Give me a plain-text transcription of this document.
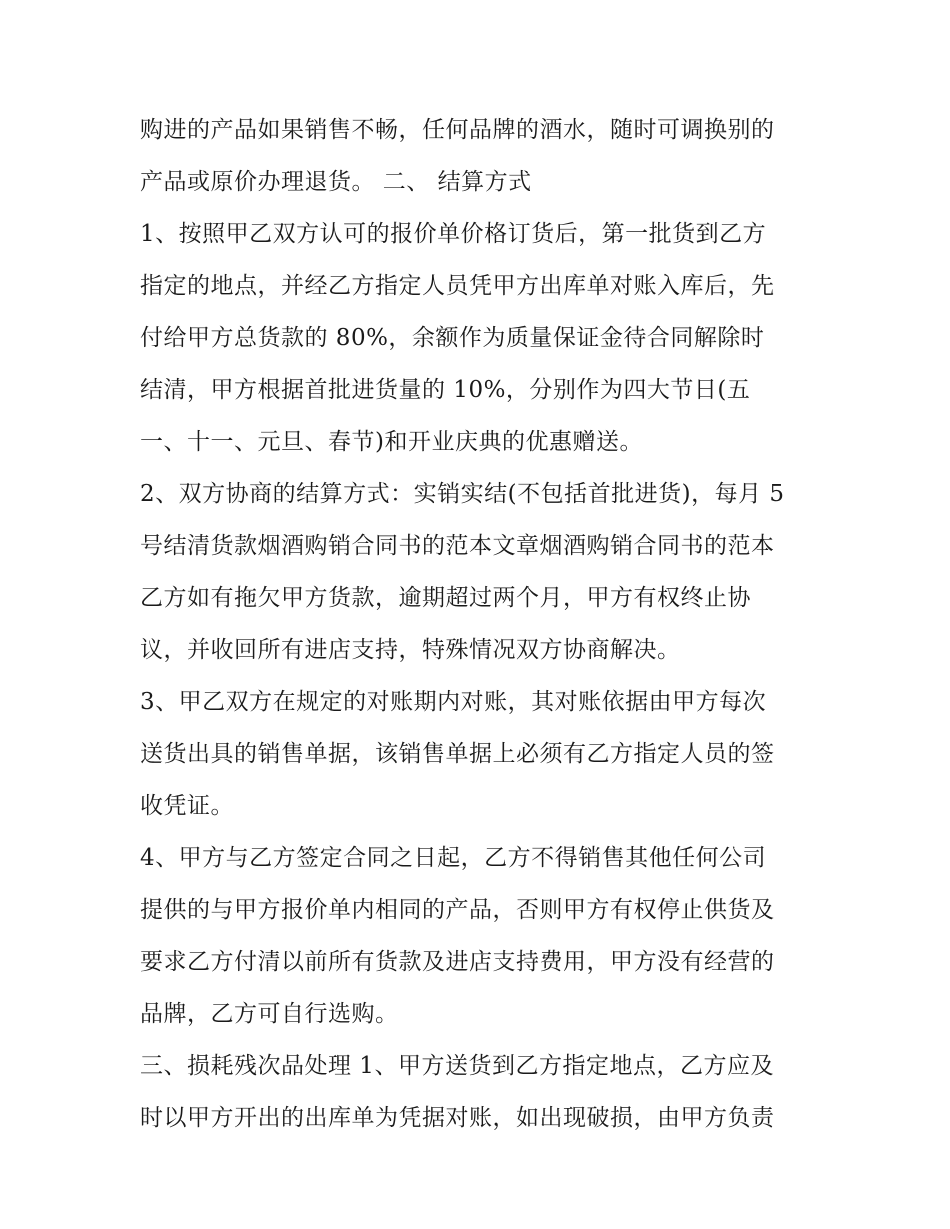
购进的产品如果销售不畅，任何品牌的酒水，随时可调换别的
产品或原价办理退货。 二、 结算方式
1、按照甲乙双方认可的报价单价格订货后，第一批货到乙方
指定的地点，并经乙方指定人员凭甲方出库单对账入库后，先
付给甲方总货款的 80%，余额作为质量保证金待合同解除时
结清，甲方根据首批进货量的 10%，分别作为四大节日(五
一、十一、元旦、春节)和开业庆典的优惠赠送。
2、双方协商的结算方式：实销实结(不包括首批进货)，每月 5
号结清货款烟酒购销合同书的范本文章烟酒购销合同书的范本
乙方如有拖欠甲方货款，逾期超过两个月，甲方有权终止协
议，并收回所有进店支持，特殊情况双方协商解决。
3、甲乙双方在规定的对账期内对账，其对账依据由甲方每次
送货出具的销售单据，该销售单据上必须有乙方指定人员的签
收凭证。
4、甲方与乙方签定合同之日起，乙方不得销售其他任何公司
提供的与甲方报价单内相同的产品，否则甲方有权停止供货及
要求乙方付清以前所有货款及进店支持费用，甲方没有经营的
品牌，乙方可自行选购。
三、损耗残次品处理 1、甲方送货到乙方指定地点，乙方应及
时以甲方开出的出库单为凭据对账，如出现破损，由甲方负责
